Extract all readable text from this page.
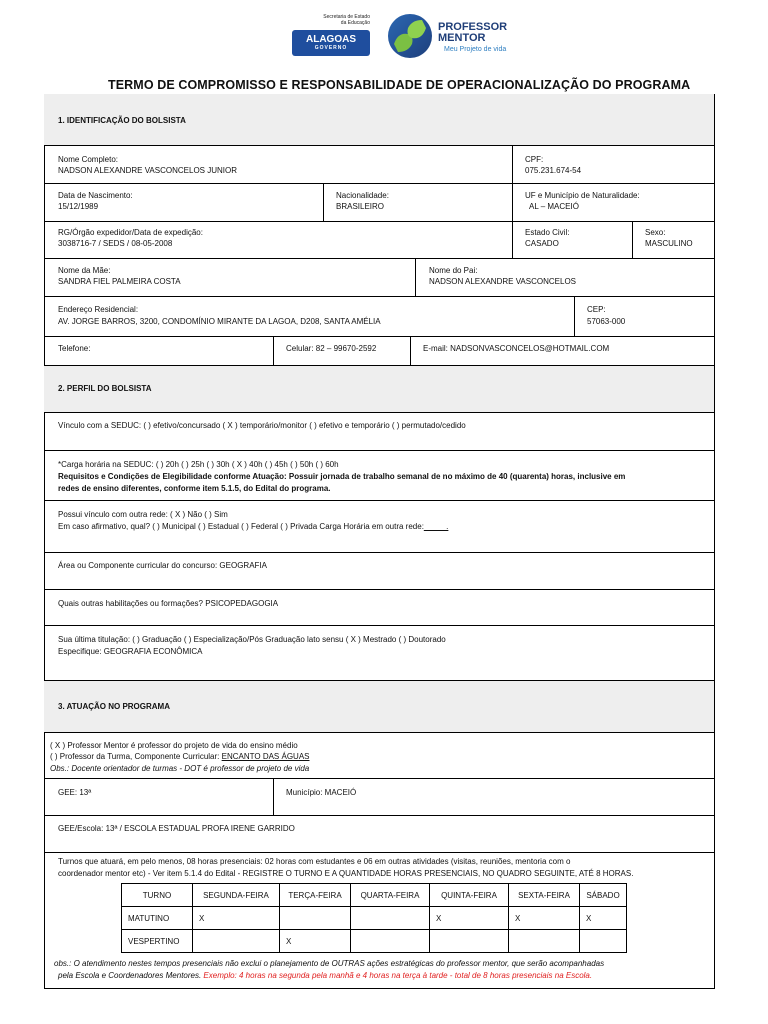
Secretaria de Estado
da Educação
ALAGOAS
GOVERNO
PROFESSOR
MENTOR
Meu Projeto de vida
TERMO DE COMPROMISSO E RESPONSABILIDADE DE OPERACIONALIZAÇÃO DO PROGRAMA
1. IDENTIFICAÇÃO DO BOLSISTA
Nome Completo:
NADSON ALEXANDRE VASCONCELOS JUNIOR
CPF:
075.231.674-54
Data de Nascimento:
15/12/1989
Nacionalidade:
BRASILEIRO
UF e Município de Naturalidade:
AL – MACEIÓ
RG/Órgão expedidor/Data de expedição:
3038716-7 / SEDS / 08-05-2008
Estado Civil:
CASADO
Sexo:
MASCULINO
Nome da Mãe:
SANDRA FIEL PALMEIRA COSTA
Nome do Pai:
NADSON ALEXANDRE VASCONCELOS
Endereço Residencial:
AV. JORGE BARROS, 3200, CONDOMÍNIO MIRANTE DA LAGOA, D208, SANTA AMÉLIA
CEP:
57063-000
Telefone:	Celular: 82 – 99670-2592	E-mail: NADSONVASCONCELOS@HOTMAIL.COM
2. PERFIL DO BOLSISTA
Vínculo com a SEDUC: ( ) efetivo/concursado ( X ) temporário/monitor ( ) efetivo e temporário ( ) permutado/cedido
*Carga horária na SEDUC: ( ) 20h ( ) 25h ( ) 30h ( X ) 40h ( ) 45h ( ) 50h ( ) 60h
Requisitos e Condições de Elegibilidade conforme Atuação: Possuir jornada de trabalho semanal de no máximo de 40 (quarenta) horas, inclusive em
redes de ensino diferentes, conforme item 5.1.5, do Edital do programa.
Possui vínculo com outra rede: ( X ) Não ( ) Sim
Em caso afirmativo, qual? ( ) Municipal ( ) Estadual ( ) Federal ( ) Privada Carga Horária em outra rede:_____.
Área ou Componente curricular do concurso: GEOGRAFIA
Quais outras habilitações ou formações? PSICOPEDAGOGIA
Sua última titulação: ( ) Graduação ( ) Especialização/Pós Graduação lato sensu ( X ) Mestrado ( ) Doutorado
Especifique: GEOGRAFIA ECONÔMICA
3. ATUAÇÃO NO PROGRAMA
( X ) Professor Mentor é professor do projeto de vida do ensino médio
( ) Professor da Turma, Componente Curricular: ENCANTO DAS ÁGUAS
Obs.: Docente orientador de turmas - DOT é professor de projeto de vida
GEE: 13ª	Município: MACEIÓ
GEE/Escola: 13ª / ESCOLA ESTADUAL PROFA IRENE GARRIDO
Turnos que atuará, em pelo menos, 08 horas presenciais: 02 horas com estudantes e 06 em outras atividades (visitas, reuniões, mentoria com o
coordenador mentor etc) - Ver item 5.1.4 do Edital - REGISTRE O TURNO E A QUANTIDADE HORAS PRESENCIAIS, NO QUADRO SEGUINTE, ATÉ 8 HORAS.
TURNO	SEGUNDA-FEIRA	TERÇA-FEIRA	QUARTA-FEIRA	QUINTA-FEIRA	SEXTA-FEIRA	SÁBADO
MATUTINO	X			X	X	X
VESPERTINO		X				
obs.: O atendimento nestes tempos presenciais não exclui o planejamento de OUTRAS ações estratégicas do professor mentor, que serão acompanhadas
pela Escola e Coordenadores Mentores. Exemplo: 4 horas na segunda pela manhã e 4 horas na terça à tarde - total de 8 horas presenciais na Escola.
